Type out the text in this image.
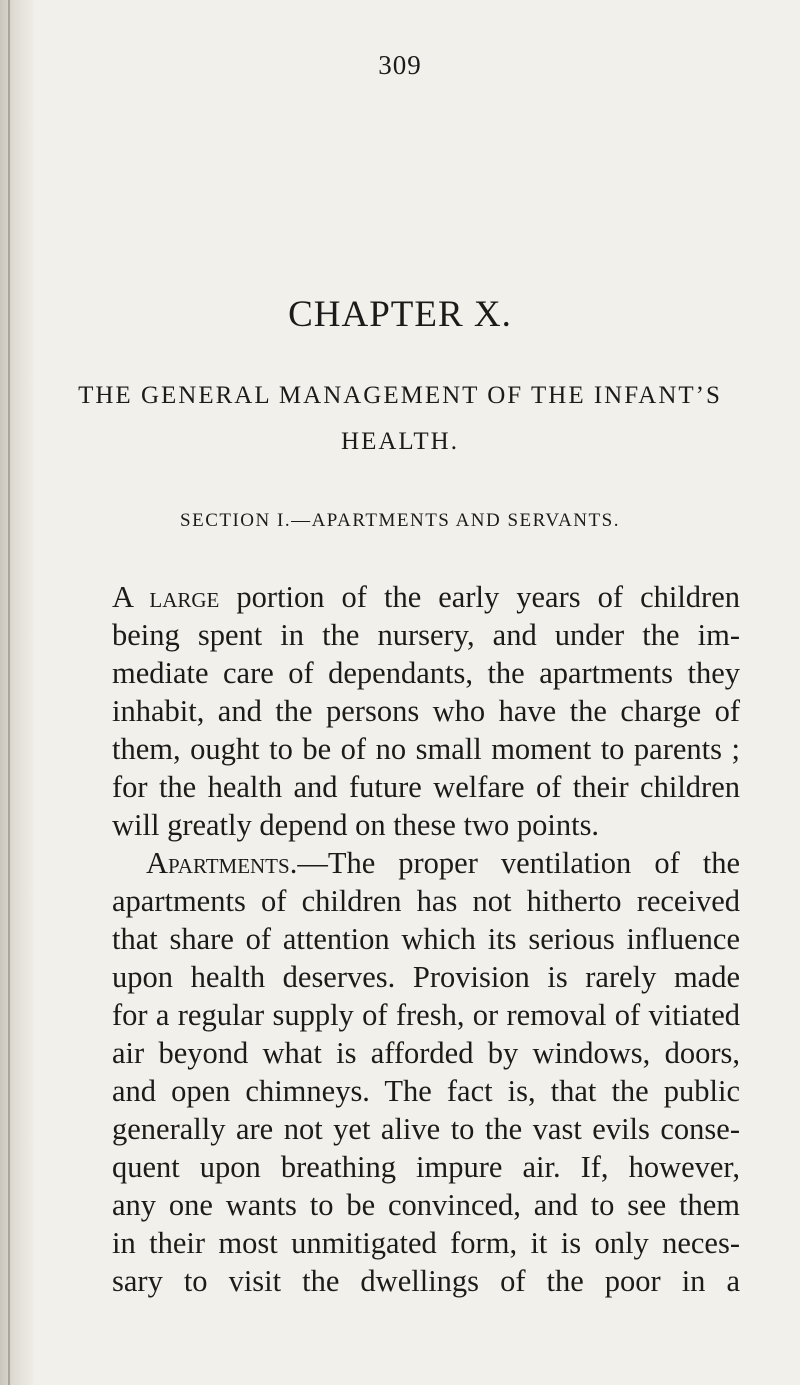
309
CHAPTER X.
THE GENERAL MANAGEMENT OF THE INFANT’S
HEALTH.
SECTION I.—APARTMENTS AND SERVANTS.
A large portion of the early years of children
being spent in the nursery, and under the im-
mediate care of dependants, the apartments they
inhabit, and the persons who have the charge of
them, ought to be of no small moment to parents ;
for the health and future welfare of their children
will greatly depend on these two points.
Apartments.—The proper ventilation of the
apartments of children has not hitherto received
that share of attention which its serious influence
upon health deserves. Provision is rarely made
for a regular supply of fresh, or removal of vitiated
air beyond what is afforded by windows, doors,
and open chimneys. The fact is, that the public
generally are not yet alive to the vast evils conse-
quent upon breathing impure air. If, however,
any one wants to be convinced, and to see them
in their most unmitigated form, it is only neces-
sary to visit the dwellings of the poor in a
